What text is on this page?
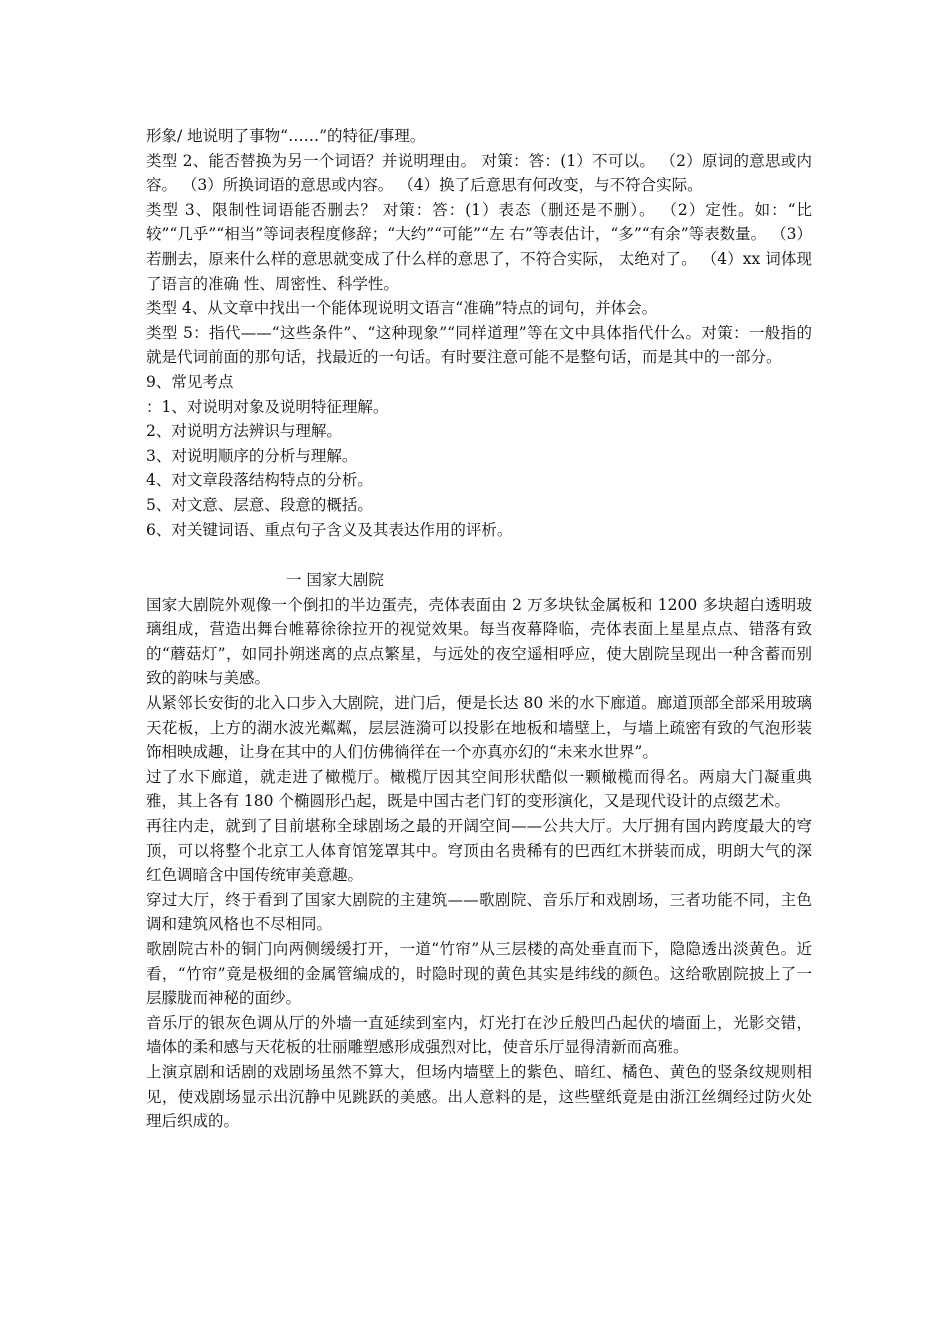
形象/ 地说明了事物“……”的特征/事理。

类型 2、能否替换为另一个词语？并说明理由。 对策：答：(1）不可以。 （2）原词的意思或内容。 （3）所换词语的意思或内容。 （4）换了后意思有何改变，与不符合实际。

类型 3、限制性词语能否删去？ 对策：答：(1）表态（删还是不删）。 （2）定性。如：“比较”“几乎”“相当”等词表程度修辞；“大约”“可能”“左 右”等表估计，“多”“有余”等表数量。 （3）若删去，原来什么样的意思就变成了什么样的意思了，不符合实际， 太绝对了。 （4）xx 词体现了语言的准确 性、周密性、科学性。

类型 4、从文章中找出一个能体现说明文语言“准确”特点的词句，并体会。

类型 5：指代——“这些条件”、“这种现象”“同样道理”等在文中具体指代什么。对策：一般指的就是代词前面的那句话，找最近的一句话。有时要注意可能不是整句话，而是其中的一部分。

9、常见考点

：1、对说明对象及说明特征理解。

2、对说明方法辨识与理解。

3、对说明顺序的分析与理解。

4、对文章段落结构特点的分析。

5、对文意、层意、段意的概括。

6、对关键词语、重点句子含义及其表达作用的评析。

一 国家大剧院

国家大剧院外观像一个倒扣的半边蛋壳，壳体表面由 2 万多块钛金属板和 1200 多块超白透明玻璃组成，营造出舞台帷幕徐徐拉开的视觉效果。每当夜幕降临，壳体表面上星星点点、错落有致的“蘑菇灯”，如同扑朔迷离的点点繁星，与远处的夜空遥相呼应，使大剧院呈现出一种含蓄而别致的韵味与美感。

从紧邻长安街的北入口步入大剧院，进门后，便是长达 80 米的水下廊道。廊道顶部全部采用玻璃天花板，上方的湖水波光粼粼，层层涟漪可以投影在地板和墙壁上，与墙上疏密有致的气泡形装饰相映成趣，让身在其中的人们仿佛徜徉在一个亦真亦幻的“未来水世界”。

过了水下廊道，就走进了橄榄厅。橄榄厅因其空间形状酷似一颗橄榄而得名。两扇大门凝重典雅，其上各有 180 个椭圆形凸起，既是中国古老门钉的变形演化，又是现代设计的点缀艺术。

再往内走，就到了目前堪称全球剧场之最的开阔空间——公共大厅。大厅拥有国内跨度最大的穹顶，可以将整个北京工人体育馆笼罩其中。穹顶由名贵稀有的巴西红木拼装而成，明朗大气的深红色调暗含中国传统审美意趣。

穿过大厅，终于看到了国家大剧院的主建筑——歌剧院、音乐厅和戏剧场，三者功能不同，主色调和建筑风格也不尽相同。

歌剧院古朴的铜门向两侧缓缓打开，一道“竹帘”从三层楼的高处垂直而下，隐隐透出淡黄色。近看，“竹帘”竟是极细的金属管编成的，时隐时现的黄色其实是纬线的颜色。这给歌剧院披上了一层朦胧而神秘的面纱。

音乐厅的银灰色调从厅的外墙一直延续到室内，灯光打在沙丘般凹凸起伏的墙面上，光影交错，墙体的柔和感与天花板的壮丽雕塑感形成强烈对比，使音乐厅显得清新而高雅。

上演京剧和话剧的戏剧场虽然不算大，但场内墙壁上的紫色、暗红、橘色、黄色的竖条纹规则相见，使戏剧场显示出沉静中见跳跃的美感。出人意料的是，这些壁纸竟是由浙江丝绸经过防火处理后织成的。
